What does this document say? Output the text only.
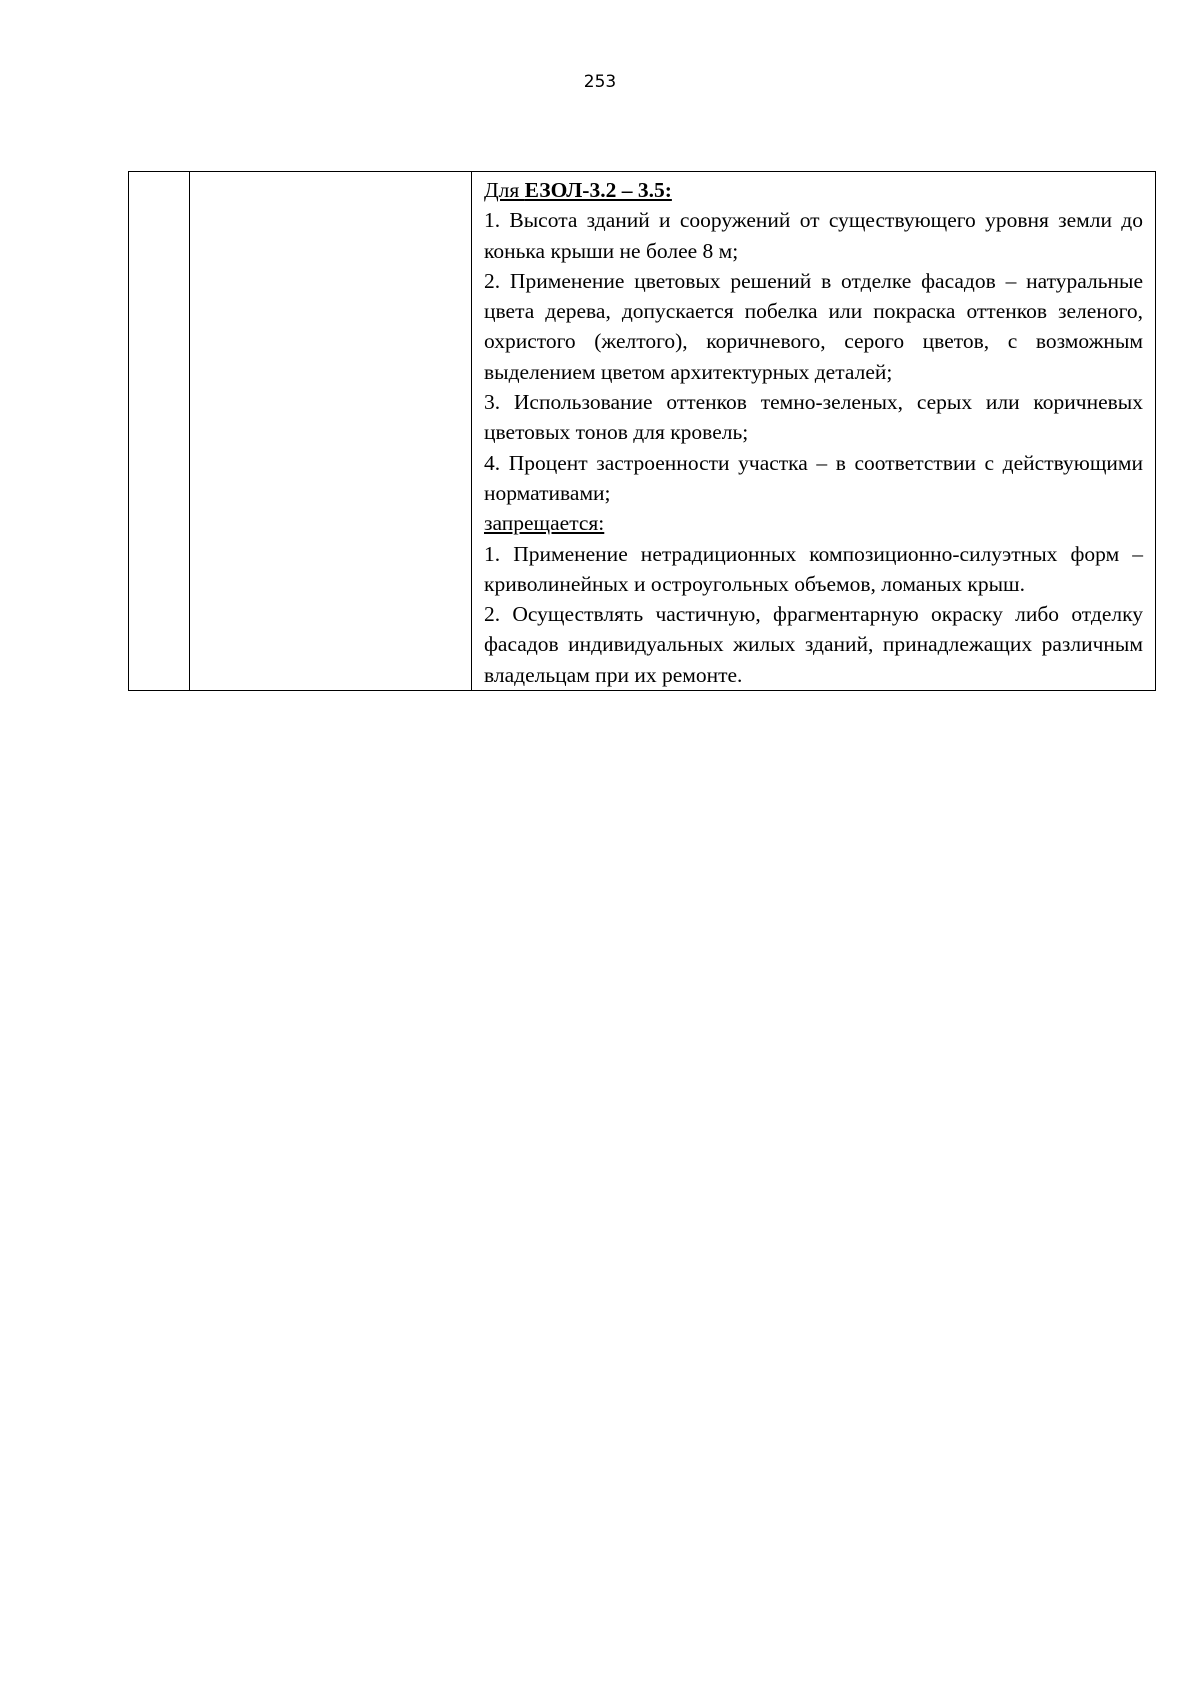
253

Для ЕЗОЛ-3.2 – 3.5:
1. Высота зданий и сооружений от существующего уровня земли до конька крыши не более 8 м;
2. Применение цветовых решений в отделке фасадов – натуральные цвета дерева, допускается побелка или покраска оттенков зеленого, охристого (желтого), коричневого, серого цветов, с возможным выделением цветом архитектурных деталей;
3. Использование оттенков темно-зеленых, серых или коричневых цветовых тонов для кровель;
4. Процент застроенности участка – в соответствии с действующими нормативами;
запрещается:
1. Применение нетрадиционных композиционно-силуэтных форм – криволинейных и остроугольных объемов, ломаных крыш.
2. Осуществлять частичную, фрагментарную окраску либо отделку фасадов индивидуальных жилых зданий, принадлежащих различным владельцам при их ремонте.
